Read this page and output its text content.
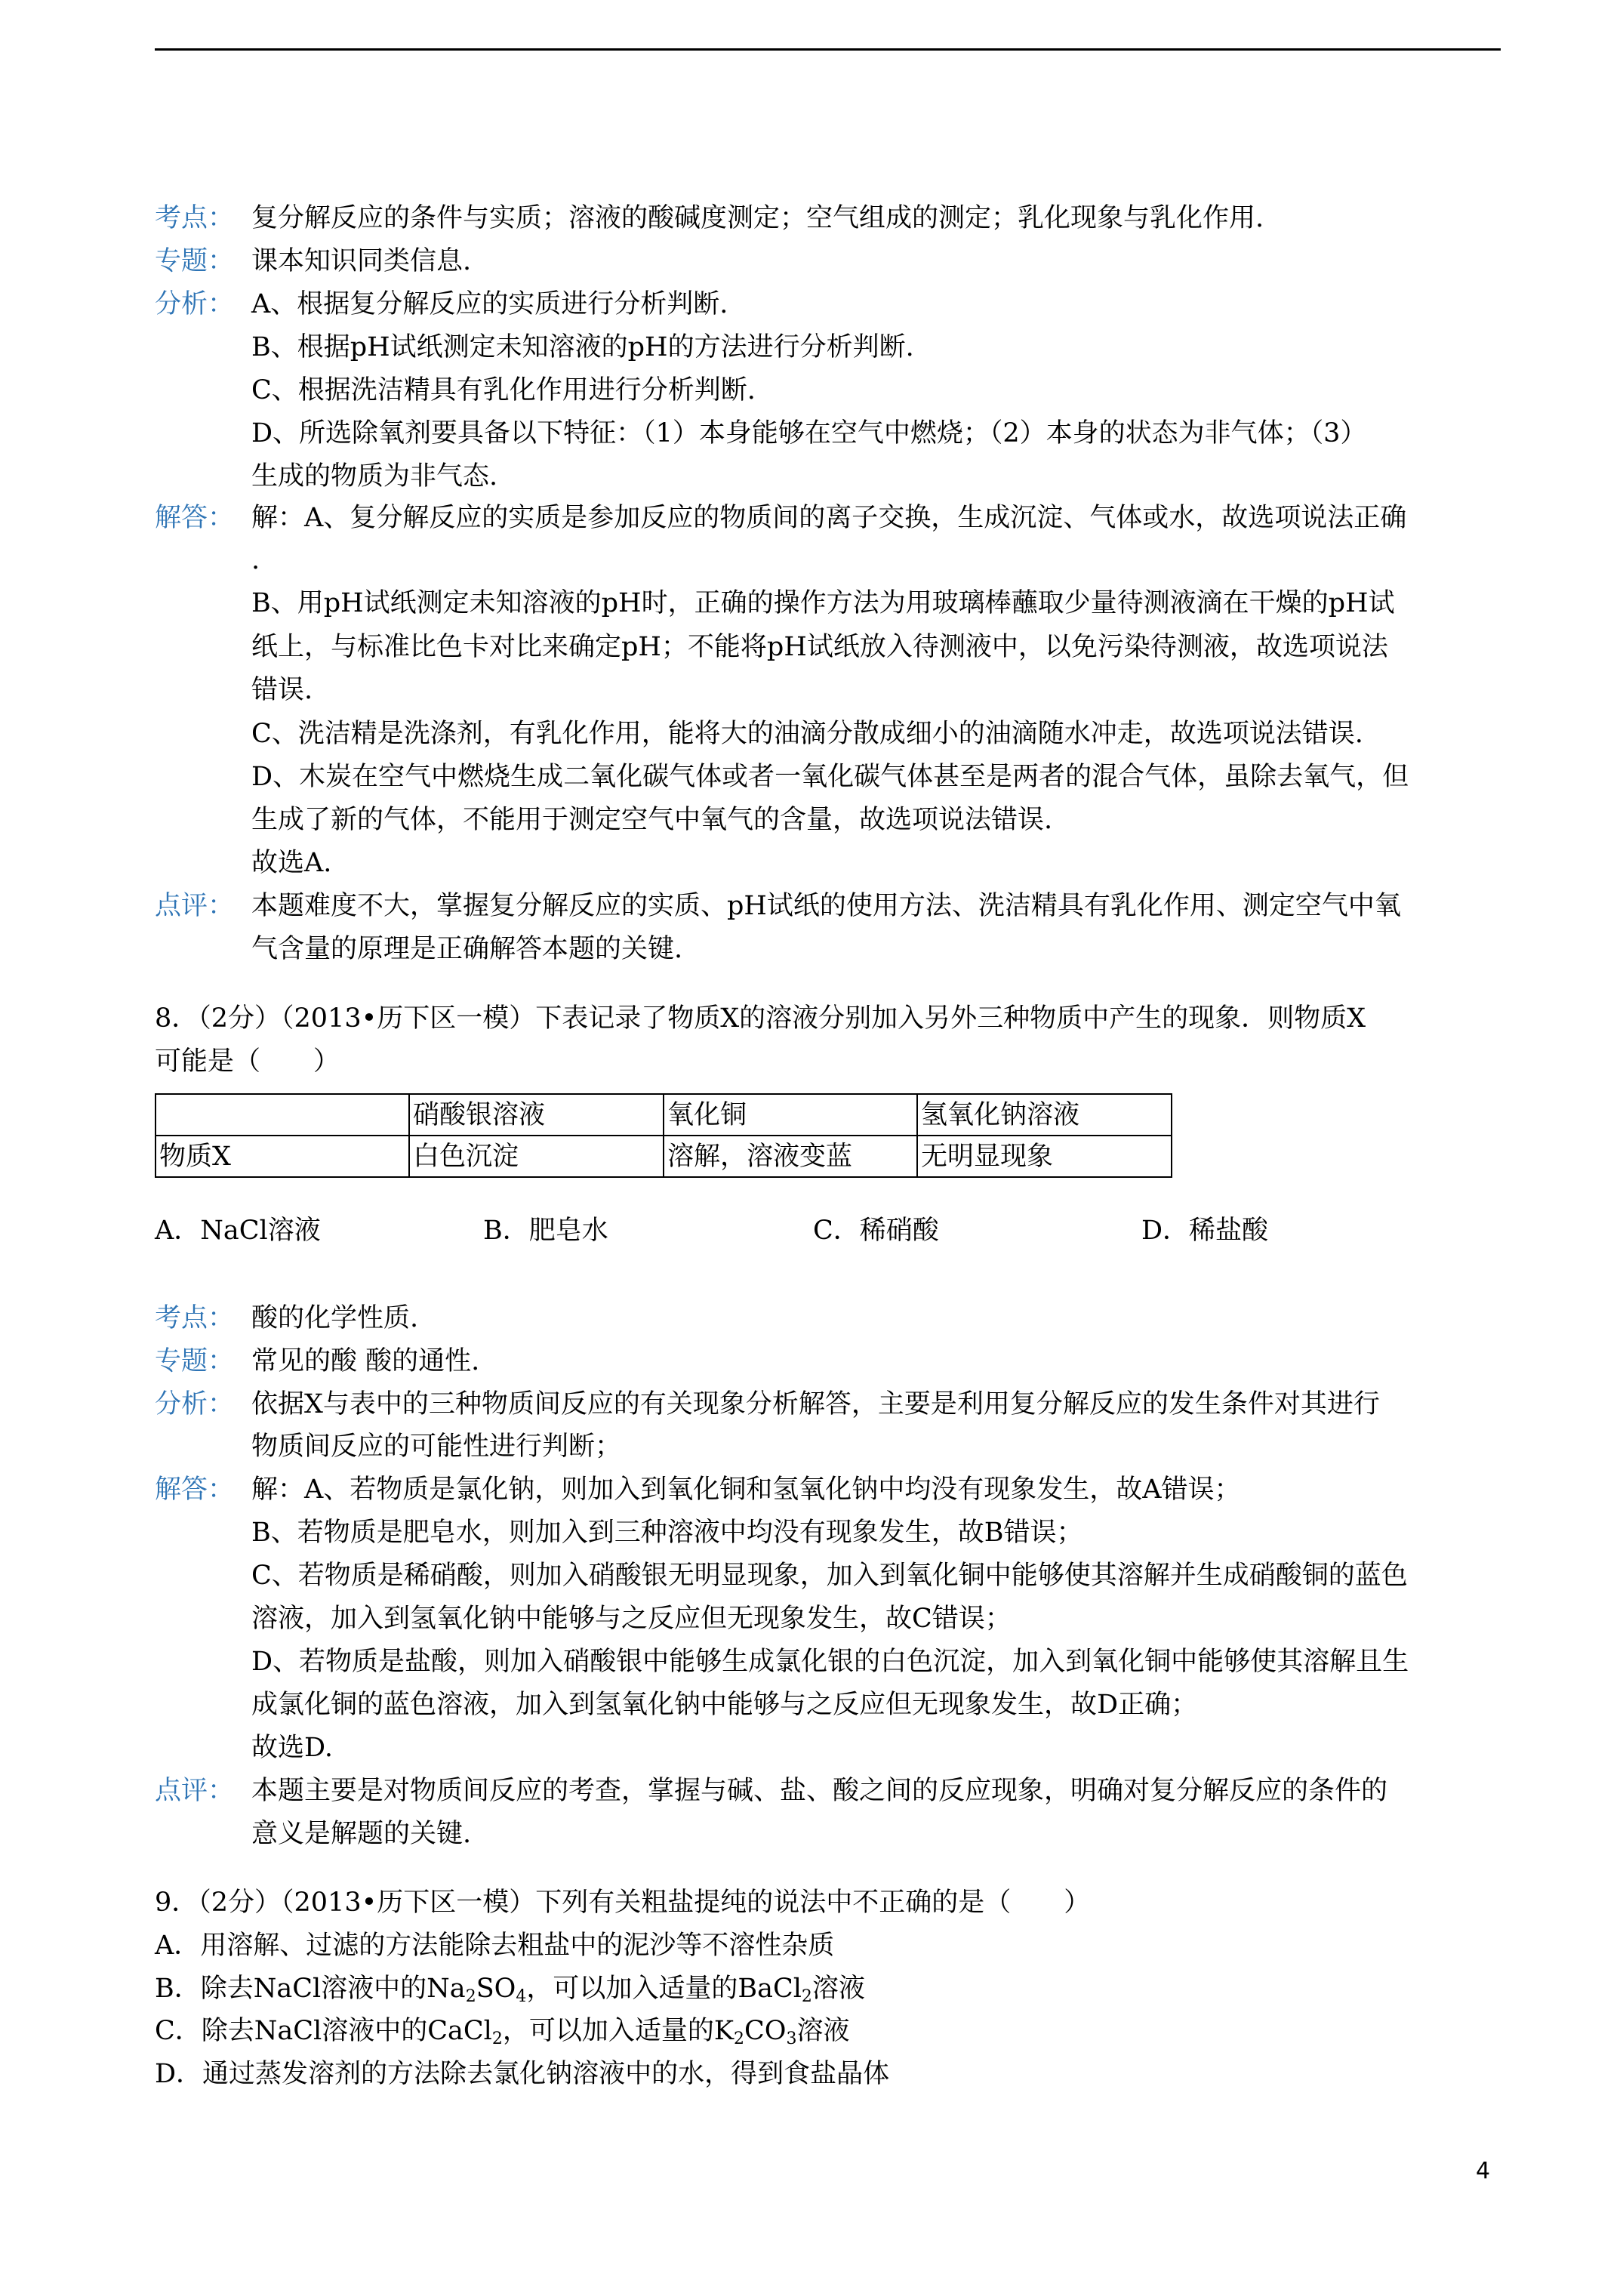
考点： 复分解反应的条件与实质；溶液的酸碱度测定；空气组成的测定；乳化现象与乳化作用.
专题： 课本知识同类信息.
分析： A、根据复分解反应的实质进行分析判断.
B、根据pH试纸测定未知溶液的pH的方法进行分析判断.
C、根据洗洁精具有乳化作用进行分析判断.
D、所选除氧剂要具备以下特征：（1）本身能够在空气中燃烧；（2）本身的状态为非气体；（3）
生成的物质为非气态.
解答： 解：A、复分解反应的实质是参加反应的物质间的离子交换，生成沉淀、气体或水，故选项说法正确
.
B、用pH试纸测定未知溶液的pH时，正确的操作方法为用玻璃棒蘸取少量待测液滴在干燥的pH试
纸上，与标准比色卡对比来确定pH；不能将pH试纸放入待测液中，以免污染待测液，故选项说法
错误.
C、洗洁精是洗涤剂，有乳化作用，能将大的油滴分散成细小的油滴随水冲走，故选项说法错误.
D、木炭在空气中燃烧生成二氧化碳气体或者一氧化碳气体甚至是两者的混合气体，虽除去氧气，但
生成了新的气体，不能用于测定空气中氧气的含量，故选项说法错误.
故选A.
点评： 本题难度不大，掌握复分解反应的实质、pH试纸的使用方法、洗洁精具有乳化作用、测定空气中氧
气含量的原理是正确解答本题的关键.
8．（2分）（2013•历下区一模）下表记录了物质X的溶液分别加入另外三种物质中产生的现象．则物质X
可能是（　　）
	硝酸银溶液	氧化铜	氢氧化钠溶液
物质X	白色沉淀	溶解，溶液变蓝	无明显现象
A．NaCl溶液	B．肥皂水	C．稀硝酸	D．稀盐酸
考点： 酸的化学性质.
专题： 常见的酸 酸的通性.
分析： 依据X与表中的三种物质间反应的有关现象分析解答，主要是利用复分解反应的发生条件对其进行
物质间反应的可能性进行判断；
解答： 解：A、若物质是氯化钠，则加入到氧化铜和氢氧化钠中均没有现象发生，故A错误；
B、若物质是肥皂水，则加入到三种溶液中均没有现象发生，故B错误；
C、若物质是稀硝酸，则加入硝酸银无明显现象，加入到氧化铜中能够使其溶解并生成硝酸铜的蓝色
溶液，加入到氢氧化钠中能够与之反应但无现象发生，故C错误；
D、若物质是盐酸，则加入硝酸银中能够生成氯化银的白色沉淀，加入到氧化铜中能够使其溶解且生
成氯化铜的蓝色溶液，加入到氢氧化钠中能够与之反应但无现象发生，故D正确；
故选D.
点评： 本题主要是对物质间反应的考查，掌握与碱、盐、酸之间的反应现象，明确对复分解反应的条件的
意义是解题的关键.
9．（2分）（2013•历下区一模）下列有关粗盐提纯的说法中不正确的是（　　）
A．用溶解、过滤的方法能除去粗盐中的泥沙等不溶性杂质
B．除去NaCl溶液中的$Na_2SO_4$，可以加入适量的BaCl$_2$溶液
C．除去NaCl溶液中的CaCl$_2$，可以加入适量的$K_2CO_3$溶液
D．通过蒸发溶剂的方法除去氯化钠溶液中的水，得到食盐晶体
4
